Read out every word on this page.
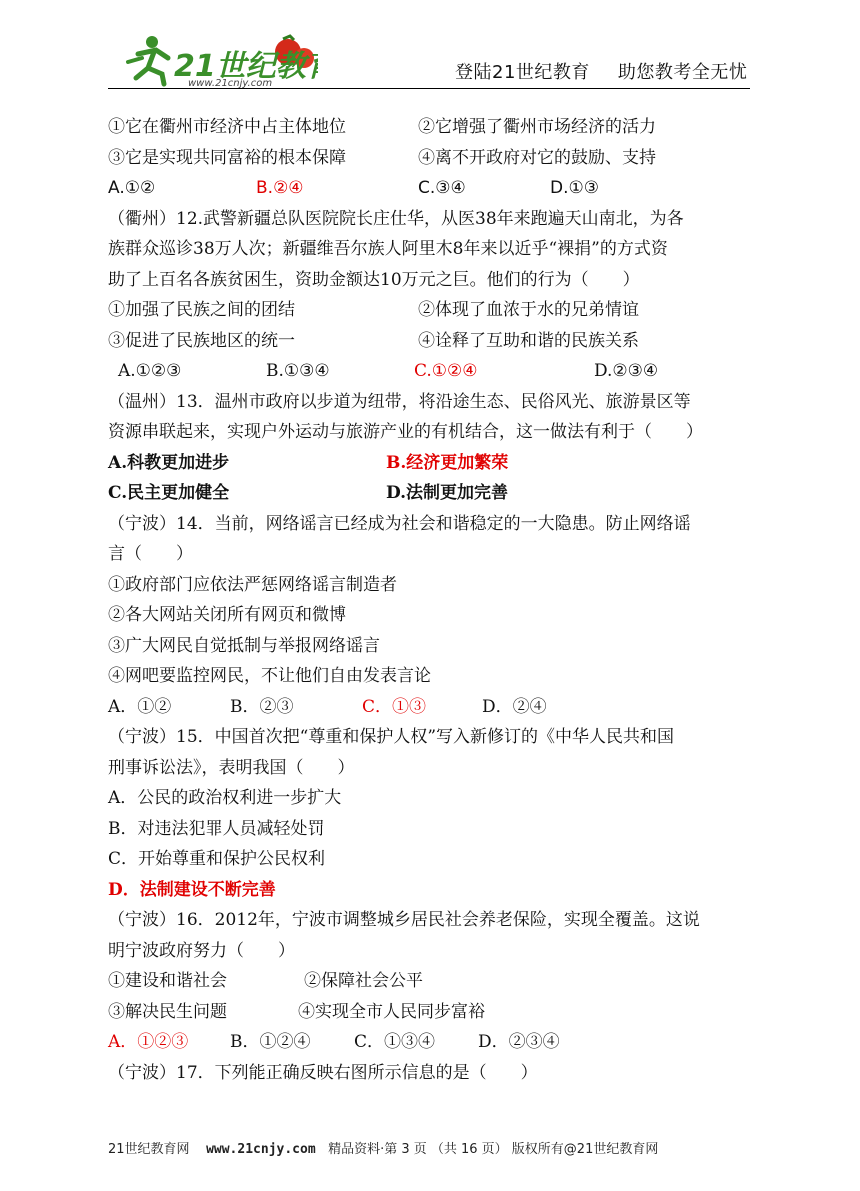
21世纪教
www.21cnjy.com
登陆21世纪教育 助您教考全无忧
①它在衢州市经济中占主体地位	②它增强了衢州市场经济的活力
③它是实现共同富裕的根本保障	④离不开政府对它的鼓励、支持
A.①②	B.②④	C.③④	D.①③
（衢州）12.武警新疆总队医院院长庄仕华，从医38年来跑遍天山南北，为各
族群众巡诊38万人次；新疆维吾尔族人阿里木8年来以近乎“裸捐”的方式资
助了上百名各族贫困生，资助金额达10万元之巨。他们的行为（　　）
①加强了民族之间的团结	②体现了血浓于水的兄弟情谊
③促进了民族地区的统一	④诠释了互助和谐的民族关系
A.①②③	B.①③④	C.①②④	D.②③④
（温州）13．温州市政府以步道为纽带，将沿途生态、民俗风光、旅游景区等
资源串联起来，实现户外运动与旅游产业的有机结合，这一做法有利于（　　）
A.科教更加进步	B.经济更加繁荣
C.民主更加健全	D.法制更加完善
（宁波）14．当前，网络谣言已经成为社会和谐稳定的一大隐患。防止网络谣
言（　　）
①政府部门应依法严惩网络谣言制造者
②各大网站关闭所有网页和微博
③广大网民自觉抵制与举报网络谣言
④网吧要监控网民，不让他们自由发表言论
A．①②	B．②③	C．①③	D．②④
（宁波）15．中国首次把“尊重和保护人权”写入新修订的《中华人民共和国
刑事诉讼法》，表明我国（　　）
A．公民的政治权利进一步扩大
B．对违法犯罪人员减轻处罚
C．开始尊重和保护公民权利
D．法制建设不断完善
（宁波）16．2012年，宁波市调整城乡居民社会养老保险，实现全覆盖。这说
明宁波政府努力（　　）
①建设和谐社会	②保障社会公平
③解决民生问题	④实现全市人民同步富裕
A．①②③ B．①②④	C．①③④	D．②③④
（宁波）17．下列能正确反映右图所示信息的是（　　）
21世纪教育网 www.21cnjy.com 精品资料·第 3 页 （共 16 页） 版权所有@21世纪教育网
